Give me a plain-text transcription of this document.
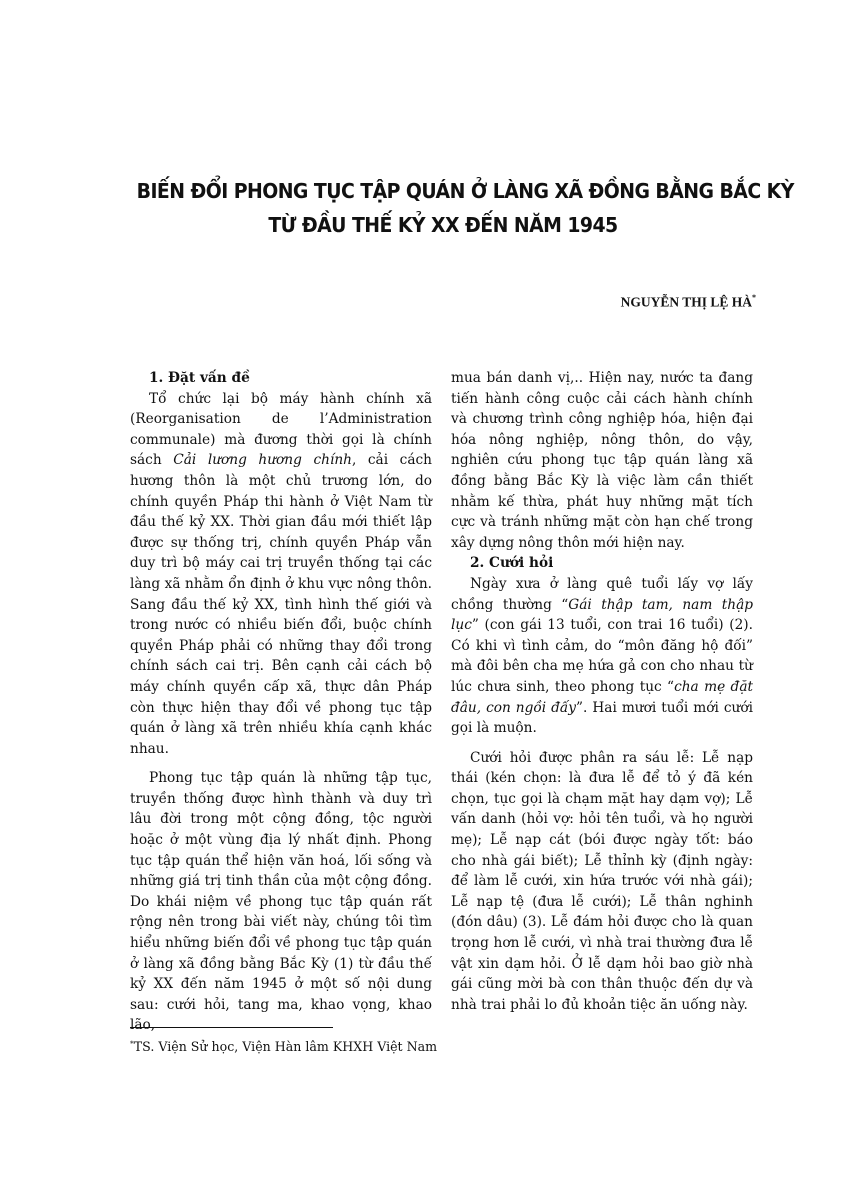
BIẾN ĐỔI PHONG TỤC TẬP QUÁN Ở LÀNG XÃ ĐỒNG BẰNG BẮC KỲ
TỪ ĐẦU THẾ KỶ XX ĐẾN NĂM 1945
NGUYỄN THỊ LỆ HÀ*

1. Đặt vấn đề

Tổ chức lại bộ máy hành chính xã (Reorganisation de l’Administration communale) mà đương thời gọi là chính sách Cải lương hương chính, cải cách hương thôn là một chủ trương lớn, do chính quyền Pháp thi hành ở Việt Nam từ đầu thế kỷ XX. Thời gian đầu mới thiết lập được sự thống trị, chính quyền Pháp vẫn duy trì bộ máy cai trị truyền thống tại các làng xã nhằm ổn định ở khu vực nông thôn. Sang đầu thế kỷ XX, tình hình thế giới và trong nước có nhiều biến đổi, buộc chính quyền Pháp phải có những thay đổi trong chính sách cai trị. Bên cạnh cải cách bộ máy chính quyền cấp xã, thực dân Pháp còn thực hiện thay đổi về phong tục tập quán ở làng xã trên nhiều khía cạnh khác nhau.

Phong tục tập quán là những tập tục, truyền thống được hình thành và duy trì lâu đời trong một cộng đồng, tộc người hoặc ở một vùng địa lý nhất định. Phong tục tập quán thể hiện văn hoá, lối sống và những giá trị tinh thần của một cộng đồng. Do khái niệm về phong tục tập quán rất rộng nên trong bài viết này, chúng tôi tìm hiểu những biến đổi về phong tục tập quán ở làng xã đồng bằng Bắc Kỳ (1) từ đầu thế kỷ XX đến năm 1945 ở một số nội dung sau: cưới hỏi, tang ma, khao vọng, khao lão,

mua bán danh vị,.. Hiện nay, nước ta đang tiến hành công cuộc cải cách hành chính và chương trình công nghiệp hóa, hiện đại hóa nông nghiệp, nông thôn, do vậy, nghiên cứu phong tục tập quán làng xã đồng bằng Bắc Kỳ là việc làm cần thiết nhằm kế thừa, phát huy những mặt tích cực và tránh những mặt còn hạn chế trong xây dựng nông thôn mới hiện nay.

2. Cưới hỏi

Ngày xưa ở làng quê tuổi lấy vợ lấy chồng thường “Gái thập tam, nam thập lục” (con gái 13 tuổi, con trai 16 tuổi) (2). Có khi vì tình cảm, do “môn đăng hộ đối” mà đôi bên cha mẹ hứa gả con cho nhau từ lúc chưa sinh, theo phong tục “cha mẹ đặt đâu, con ngồi đấy”. Hai mươi tuổi mới cưới gọi là muộn.

Cưới hỏi được phân ra sáu lễ: Lễ nạp thái (kén chọn: là đưa lễ để tỏ ý đã kén chọn, tục gọi là chạm mặt hay dạm vợ); Lễ vấn danh (hỏi vợ: hỏi tên tuổi, và họ người mẹ); Lễ nạp cát (bói được ngày tốt: báo cho nhà gái biết); Lễ thỉnh kỳ (định ngày: để làm lễ cưới, xin hứa trước với nhà gái); Lễ nạp tệ (đưa lễ cưới); Lễ thân nghinh (đón dâu) (3). Lễ đám hỏi được cho là quan trọng hơn lễ cưới, vì nhà trai thường đưa lễ vật xin dạm hỏi. Ở lễ dạm hỏi bao giờ nhà gái cũng mời bà con thân thuộc đến dự và nhà trai phải lo đủ khoản tiệc ăn uống này.

*TS. Viện Sử học, Viện Hàn lâm KHXH Việt Nam
